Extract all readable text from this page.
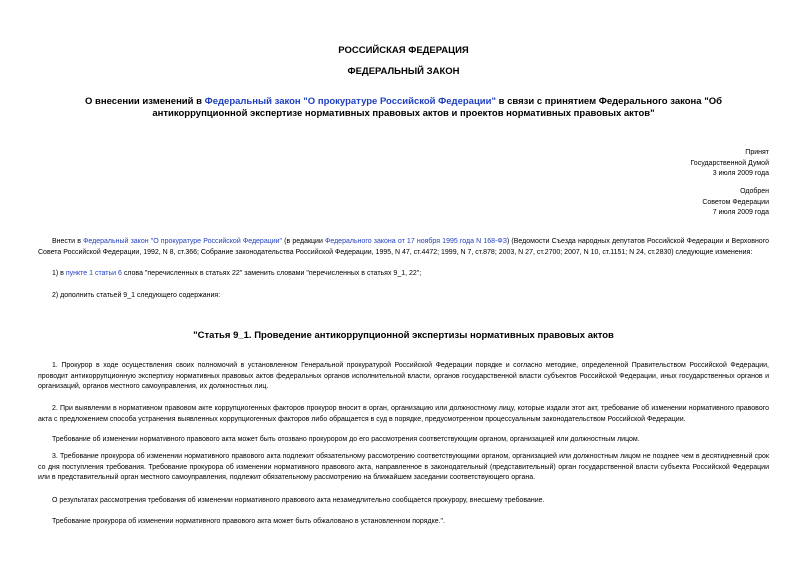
РОССИЙСКАЯ ФЕДЕРАЦИЯ
ФЕДЕРАЛЬНЫЙ ЗАКОН
О внесении изменений в Федеральный закон "О прокуратуре Российской Федерации" в связи с принятием Федерального закона "Об антикоррупционной экспертизе нормативных правовых актов и проектов нормативных правовых актов"
Принят
Государственной Думой
3 июля 2009 года
Одобрен
Советом Федерации
7 июля 2009 года
Внести в Федеральный закон "О прокуратуре Российской Федерации" (в редакции Федерального закона от 17 ноября 1995 года N 168-ФЗ) (Ведомости Съезда народных депутатов Российской Федерации и Верховного Совета Российской Федерации, 1992, N 8, ст.366; Собрание законодательства Российской Федерации, 1995, N 47, ст.4472; 1999, N 7, ст.878; 2003, N 27, ст.2700; 2007, N 10, ст.1151; N 24, ст.2830) следующие изменения:
1) в пункте 1 статьи 6 слова "перечисленных в статьях 22" заменить словами "перечисленных в статьях 9_1, 22";
2) дополнить статьей 9_1 следующего содержания:
"Статья 9_1. Проведение антикоррупционной экспертизы нормативных правовых актов
1. Прокурор в ходе осуществления своих полномочий в установленном Генеральной прокуратурой Российской Федерации порядке и согласно методике, определенной Правительством Российской Федерации, проводит антикоррупционную экспертизу нормативных правовых актов федеральных органов исполнительной власти, органов государственной власти субъектов Российской Федерации, иных государственных органов и организаций, органов местного самоуправления, их должностных лиц.
2. При выявлении в нормативном правовом акте коррупциогенных факторов прокурор вносит в орган, организацию или должностному лицу, которые издали этот акт, требование об изменении нормативного правового акта с предложением способа устранения выявленных коррупциогенных факторов либо обращается в суд в порядке, предусмотренном процессуальным законодательством Российской Федерации.
Требование об изменении нормативного правового акта может быть отозвано прокурором до его рассмотрения соответствующим органом, организацией или должностным лицом.
3. Требование прокурора об изменении нормативного правового акта подлежит обязательному рассмотрению соответствующими органом, организацией или должностным лицом не позднее чем в десятидневный срок со дня поступления требования. Требование прокурора об изменении нормативного правового акта, направленное в законодательный (представительный) орган государственной власти субъекта Российской Федерации или в представительный орган местного самоуправления, подлежит обязательному рассмотрению на ближайшем заседании соответствующего органа.
О результатах рассмотрения требования об изменении нормативного правового акта незамедлительно сообщается прокурору, внесшему требование.
Требование прокурора об изменении нормативного правового акта может быть обжаловано в установленном порядке.".
